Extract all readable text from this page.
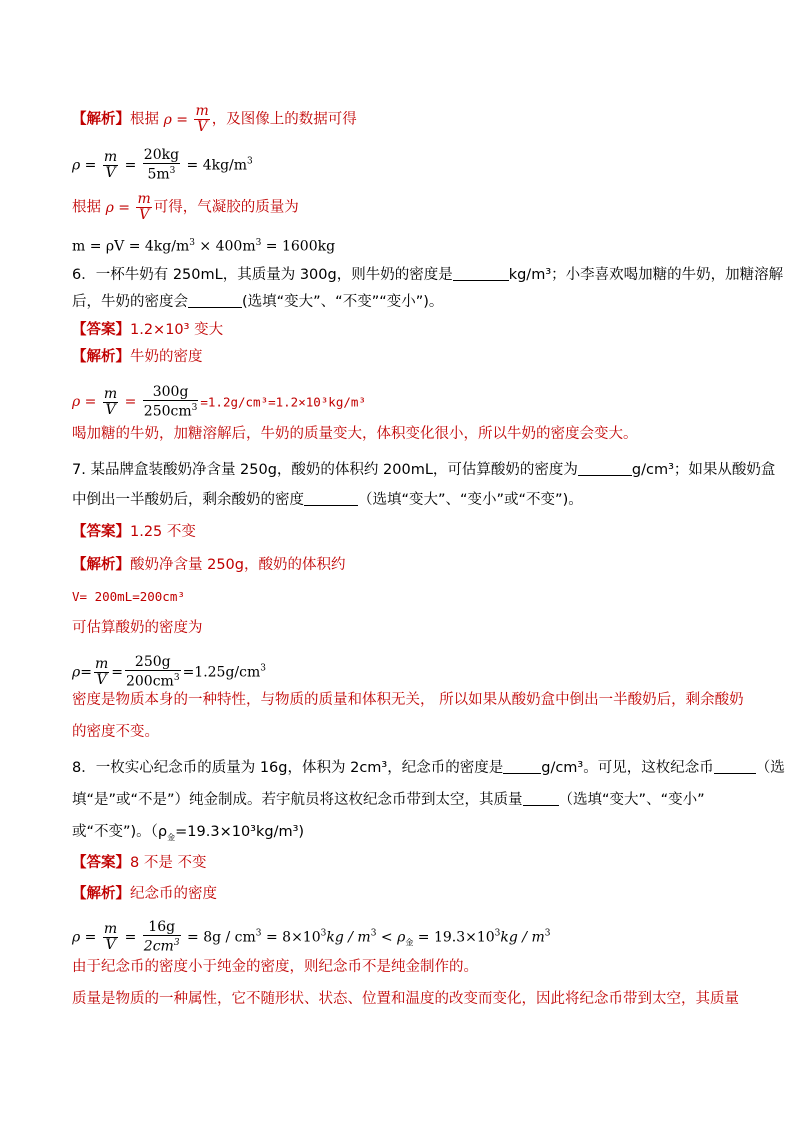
【解析】根据 $\rho = \frac{m}{V}$ ，及图像上的数据可得
$\rho = \frac{m}{V} = \frac{20kg}{5m^3} = 4kg/m^3$
根据 $\rho = \frac{m}{V}$ 可得，气凝胶的质量为
$m = \rho V = 4kg/m^3 \times 400m^3 = 1600kg$
6．一杯牛奶有 250mL，其质量为 300g，则牛奶的密度是	kg/m³；小李喜欢喝加糖的牛奶，加糖溶解
后，牛奶的密度会	(选填“变大”、“不变”“变小”)。
【答案】1.2×10³ 变大
【解析】牛奶的密度
$\rho = \frac{m}{V} = \frac{300g}{250cm^3} =1.2g/cm^3=1.2\times 10^3kg/m^3$
喝加糖的牛奶，加糖溶解后，牛奶的质量变大，体积变化很小，所以牛奶的密度会变大。
7. 某品牌盒装酸奶净含量 250g，酸奶的体积约 200mL，可估算酸奶的密度为	g/cm³；如果从酸奶盒
中倒出一半酸奶后，剩余酸奶的密度	（选填“变大”、“变小”或“不变”)。
【答案】1.25 不变
【解析】酸奶净含量 250g，酸奶的体积约
V= 200mL=200cm³
可估算酸奶的密度为
$\rho= \frac{m}{V} = \frac{250g}{200cm^3} =1.25g/cm^3$
密度是物质本身的一种特性，与物质的质量和体积无关， 所以如果从酸奶盒中倒出一半酸奶后，剩余酸奶
的密度不变。
8．一枚实心纪念币的质量为 16g，体积为 2cm³，纪念币的密度是	g/cm³。可见，这枚纪念币	（选
填“是”或“不是”）纯金制成。若宇航员将这枚纪念币带到太空，其质量 （选填“变大”、“变小”
或“不变”)。$(\rho_金=19.3\times 10^3kg/m^3)$
【答案】8 不是 不变
【解析】纪念币的密度
$\rho = \frac{m}{V} = \frac{16g}{2cm^3} = 8g / cm^3 = 8\times 10^3kg / m^3 < \rho_金 = 19.3\times 10^3kg / m^3$
由于纪念币的密度小于纯金的密度，则纪念币不是纯金制作的。
质量是物质的一种属性，它不随形状、状态、位置和温度的改变而变化，因此将纪念币带到太空，其质量
